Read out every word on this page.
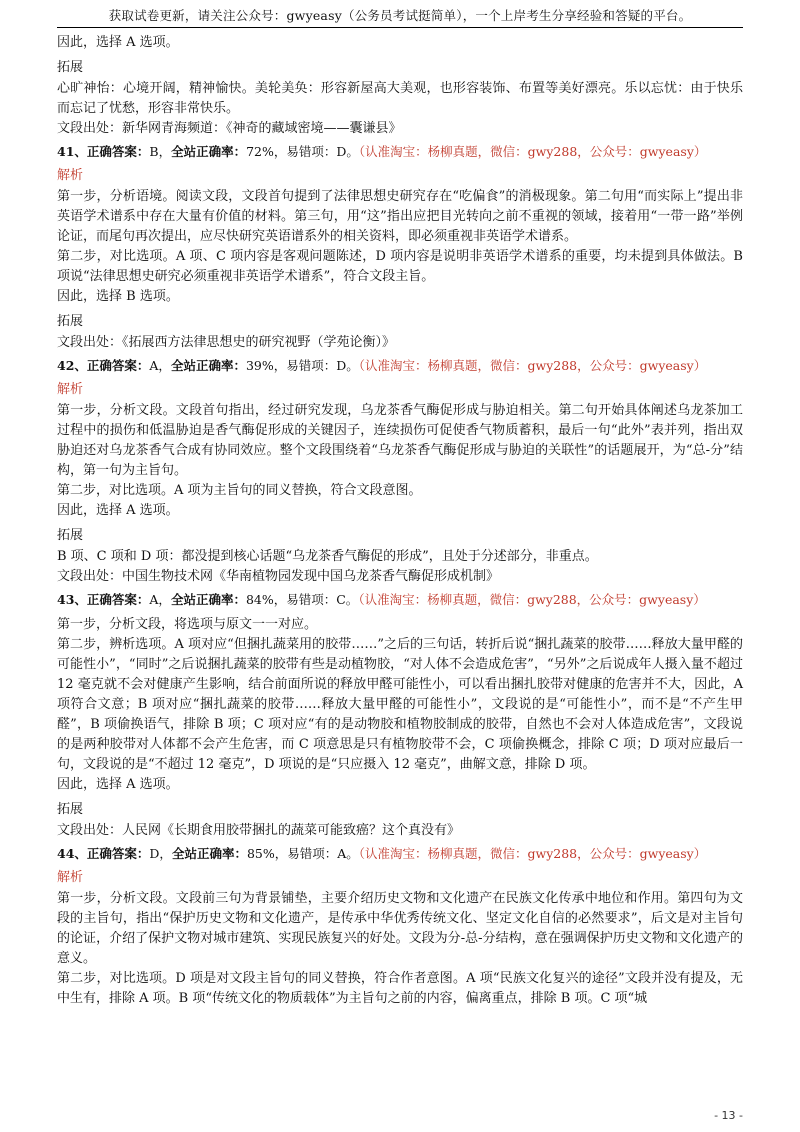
获取试卷更新，请关注公众号：gwyeasy（公务员考试挺简单），一个上岸考生分享经验和答疑的平台。

因此，选择 A 选项。

拓展

心旷神怡：心境开阔，精神愉快。美轮美奂：形容新屋高大美观，也形容装饰、布置等美好漂亮。乐以忘忧：由于快乐而忘记了忧愁，形容非常快乐。

文段出处：新华网青海频道：《神奇的藏域密境——囊谦县》

41、正确答案：B，全站正确率：72%，易错项：D。（认准淘宝：杨柳真题，微信：gwy288，公众号：gwyeasy）

解析

第一步，分析语境。阅读文段，文段首句提到了法律思想史研究存在“吃偏食”的消极现象。第二句用“而实际上”提出非英语学术谱系中存在大量有价值的材料。第三句，用“这”指出应把目光转向之前不重视的领域，接着用“一带一路”举例论证，而尾句再次提出，应尽快研究英语谱系外的相关资料，即必须重视非英语学术谱系。

第二步，对比选项。A 项、C 项内容是客观问题陈述，D 项内容是说明非英语学术谱系的重要，均未提到具体做法。B 项说“法律思想史研究必须重视非英语学术谱系”，符合文段主旨。

因此，选择 B 选项。

拓展

文段出处：《拓展西方法律思想史的研究视野（学苑论衡）》

42、正确答案：A，全站正确率：39%，易错项：D。（认准淘宝：杨柳真题，微信：gwy288，公众号：gwyeasy）

解析

第一步，分析文段。文段首句指出，经过研究发现，乌龙茶香气酶促形成与胁迫相关。第二句开始具体阐述乌龙茶加工过程中的损伤和低温胁迫是香气酶促形成的关键因子，连续损伤可促使香气物质蓄积，最后一句“此外”表并列，指出双胁迫还对乌龙茶香气合成有协同效应。整个文段围绕着“乌龙茶香气酶促形成与胁迫的关联性”的话题展开，为“总-分”结构，第一句为主旨句。

第二步，对比选项。A 项为主旨句的同义替换，符合文段意图。

因此，选择 A 选项。

拓展

B 项、C 项和 D 项：都没提到核心话题“乌龙茶香气酶促的形成”，且处于分述部分，非重点。

文段出处：中国生物技术网《华南植物园发现中国乌龙茶香气酶促形成机制》

43、正确答案：A，全站正确率：84%，易错项：C。（认准淘宝：杨柳真题，微信：gwy288，公众号：gwyeasy）

第一步，分析文段，将选项与原文一一对应。

第二步，辨析选项。A 项对应“但捆扎蔬菜用的胶带……”之后的三句话，转折后说“捆扎蔬菜的胶带……释放大量甲醛的可能性小”，“同时”之后说捆扎蔬菜的胶带有些是动植物胶，“对人体不会造成危害”，“另外”之后说成年人摄入量不超过 12 毫克就不会对健康产生影响，结合前面所说的释放甲醛可能性小，可以看出捆扎胶带对健康的危害并不大，因此，A 项符合文意；B 项对应“捆扎蔬菜的胶带……释放大量甲醛的可能性小”，文段说的是“可能性小”，而不是“不产生甲醛”，B 项偷换语气，排除 B 项；C 项对应“有的是动物胶和植物胶制成的胶带，自然也不会对人体造成危害”，文段说的是两种胶带对人体都不会产生危害，而 C 项意思是只有植物胶带不会，C 项偷换概念，排除 C 项；D 项对应最后一句，文段说的是“不超过 12 毫克”，D 项说的是“只应摄入 12 毫克”，曲解文意，排除 D 项。

因此，选择 A 选项。

拓展

文段出处：人民网《长期食用胶带捆扎的蔬菜可能致癌？这个真没有》

44、正确答案：D，全站正确率：85%，易错项：A。（认准淘宝：杨柳真题，微信：gwy288，公众号：gwyeasy）

解析

第一步，分析文段。文段前三句为背景铺垫，主要介绍历史文物和文化遗产在民族文化传承中地位和作用。第四句为文段的主旨句，指出“保护历史文物和文化遗产，是传承中华优秀传统文化、坚定文化自信的必然要求”，后文是对主旨句的论证，介绍了保护文物对城市建筑、实现民族复兴的好处。文段为分-总-分结构，意在强调保护历史文物和文化遗产的意义。

第二步，对比选项。D 项是对文段主旨句的同义替换，符合作者意图。A 项“民族文化复兴的途径”文段并没有提及，无中生有，排除 A 项。B 项“传统文化的物质载体”为主旨句之前的内容，偏离重点，排除 B 项。C 项“城

- 13 -
